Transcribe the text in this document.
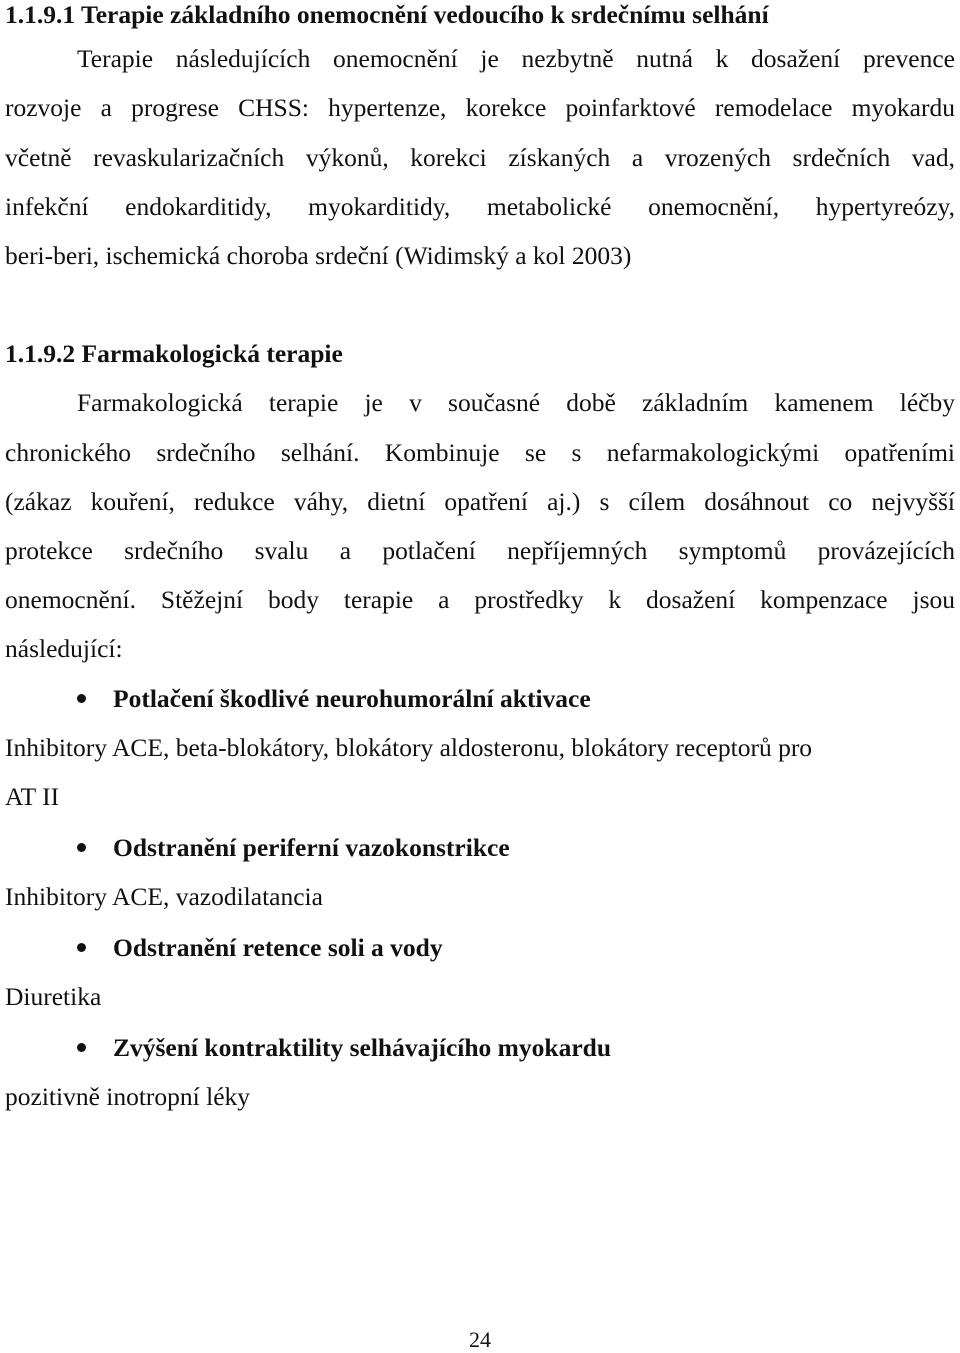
1.1.9.1 Terapie základního onemocnění vedoucího k srdečnímu selhání
Terapie následujících onemocnění je nezbytně nutná k dosažení prevence
rozvoje a progrese CHSS: hypertenze, korekce poinfarktové remodelace myokardu
včetně revaskularizačních výkonů, korekci získaných a vrozených srdečních vad,
infekční endokarditidy, myokarditidy, metabolické onemocnění, hypertyreózy,
beri-beri, ischemická choroba srdeční (Widimský a kol 2003)
1.1.9.2 Farmakologická terapie
Farmakologická terapie je v současné době základním kamenem léčby
chronického srdečního selhání. Kombinuje se s nefarmakologickými opatřeními
(zákaz kouření, redukce váhy, dietní opatření aj.) s cílem dosáhnout co nejvyšší
protekce srdečního svalu a potlačení nepříjemných symptomů provázejících
onemocnění. Stěžejní body terapie a prostředky k dosažení kompenzace jsou
následující:
Potlačení škodlivé neurohumorální aktivace
Inhibitory ACE, beta-blokátory, blokátory aldosteronu, blokátory receptorů pro
AT II
Odstranění periferní vazokonstrikce
Inhibitory ACE, vazodilatancia
Odstranění retence soli a vody
Diuretika
Zvýšení kontraktility selhávajícího myokardu
pozitivně inotropní léky
24
